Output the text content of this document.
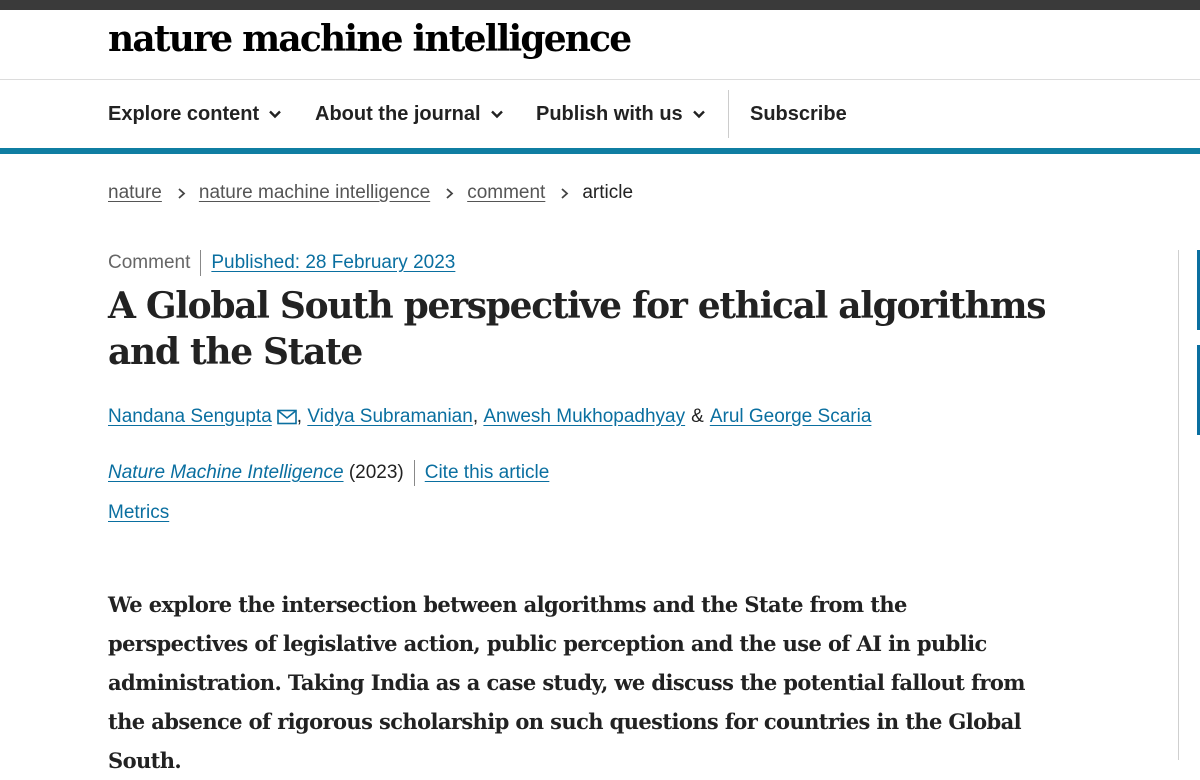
nature machine intelligence
Explore content	About the journal	Publish with us	Subscribe
nature nature machine intelligence comment article
Comment Published: 28 February 2023
A Global South perspective for ethical algorithms and the State
Nandana Sengupta ,
Vidya Subramanian ,
Anwesh Mukhopadhyay & Arul George Scaria
Nature Machine Intelligence
(2023) Cite this article
Metrics

We explore the intersection between algorithms and the State from the perspectives of legislative action, public perception and the use of AI in public administration. Taking India as a case study, we discuss the potential fallout from the absence of rigorous scholarship on such questions for countries in the Global South.
